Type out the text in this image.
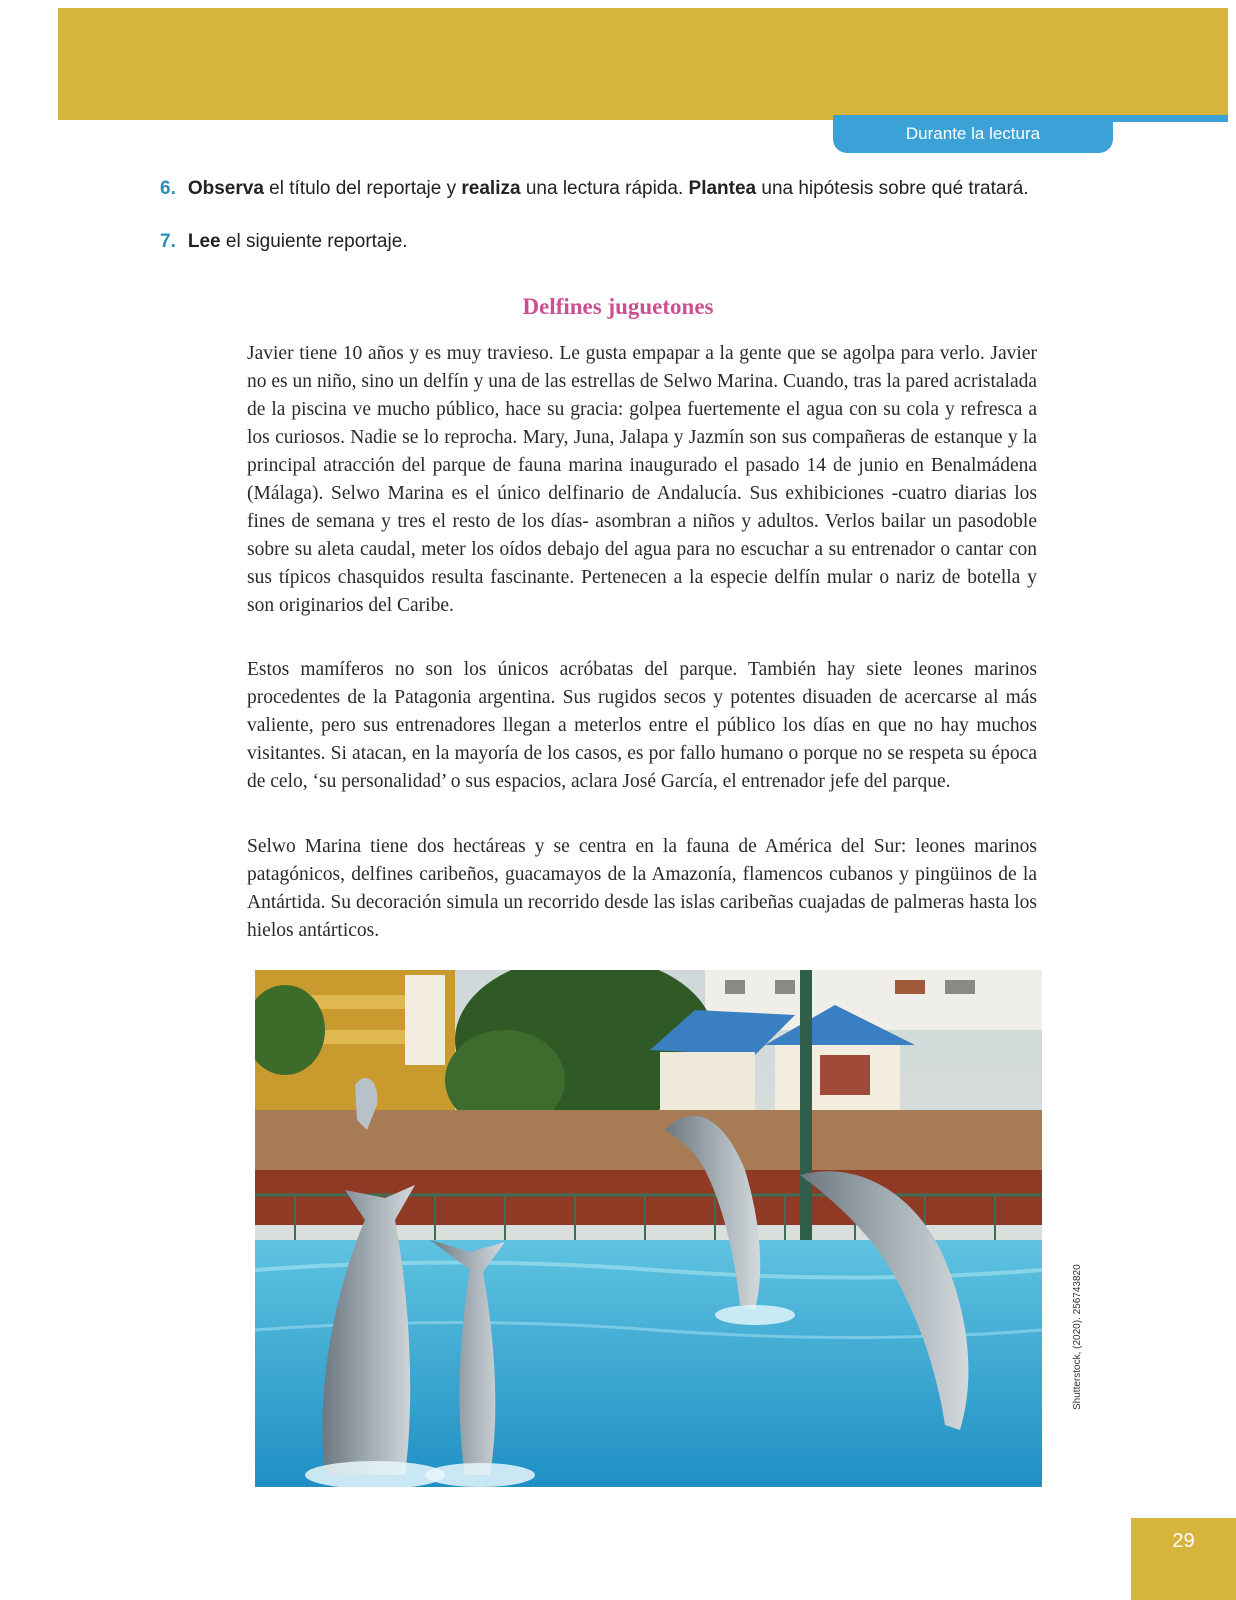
Durante la lectura
6. Observa el título del reportaje y realiza una lectura rápida. Plantea una hipótesis sobre qué tratará.
7. Lee el siguiente reportaje.
Delfines juguetones

Javier tiene 10 años y es muy travieso. Le gusta empapar a la gente que se agolpa para verlo. Javier no es un niño, sino un delfín y una de las estrellas de Selwo Marina. Cuando, tras la pared acristalada de la piscina ve mucho público, hace su gracia: golpea fuertemente el agua con su cola y refresca a los curiosos. Nadie se lo reprocha. Mary, Juna, Jalapa y Jazmín son sus compañeras de estanque y la principal atracción del parque de fauna marina inaugurado el pasado 14 de junio en Benalmádena (Málaga). Selwo Marina es el único delfinario de Andalucía. Sus exhibiciones -cuatro diarias los fines de semana y tres el resto de los días- asombran a niños y adultos. Verlos bailar un pasodoble sobre su aleta caudal, meter los oídos debajo del agua para no escuchar a su entrenador o cantar con sus típicos chasquidos resulta fascinante. Pertenecen a la especie delfín mular o nariz de botella y son originarios del Caribe.

Estos mamíferos no son los únicos acróbatas del parque. También hay siete leones marinos procedentes de la Patagonia argentina. Sus rugidos secos y potentes disuaden de acercarse al más valiente, pero sus entrenadores llegan a meterlos entre el público los días en que no hay muchos visitantes. Si atacan, en la mayoría de los casos, es por fallo humano o porque no se respeta su época de celo, ‘su personalidad’ o sus espacios, aclara José García, el entrenador jefe del parque.

Selwo Marina tiene dos hectáreas y se centra en la fauna de América del Sur: leones marinos patagónicos, delfines caribeños, guacamayos de la Amazonía, flamencos cubanos y pingüinos de la Antártida. Su decoración simula un recorrido desde las islas caribeñas cuajadas de palmeras hasta los hielos antárticos.

Shutterstock, (2020). 256743820
29
